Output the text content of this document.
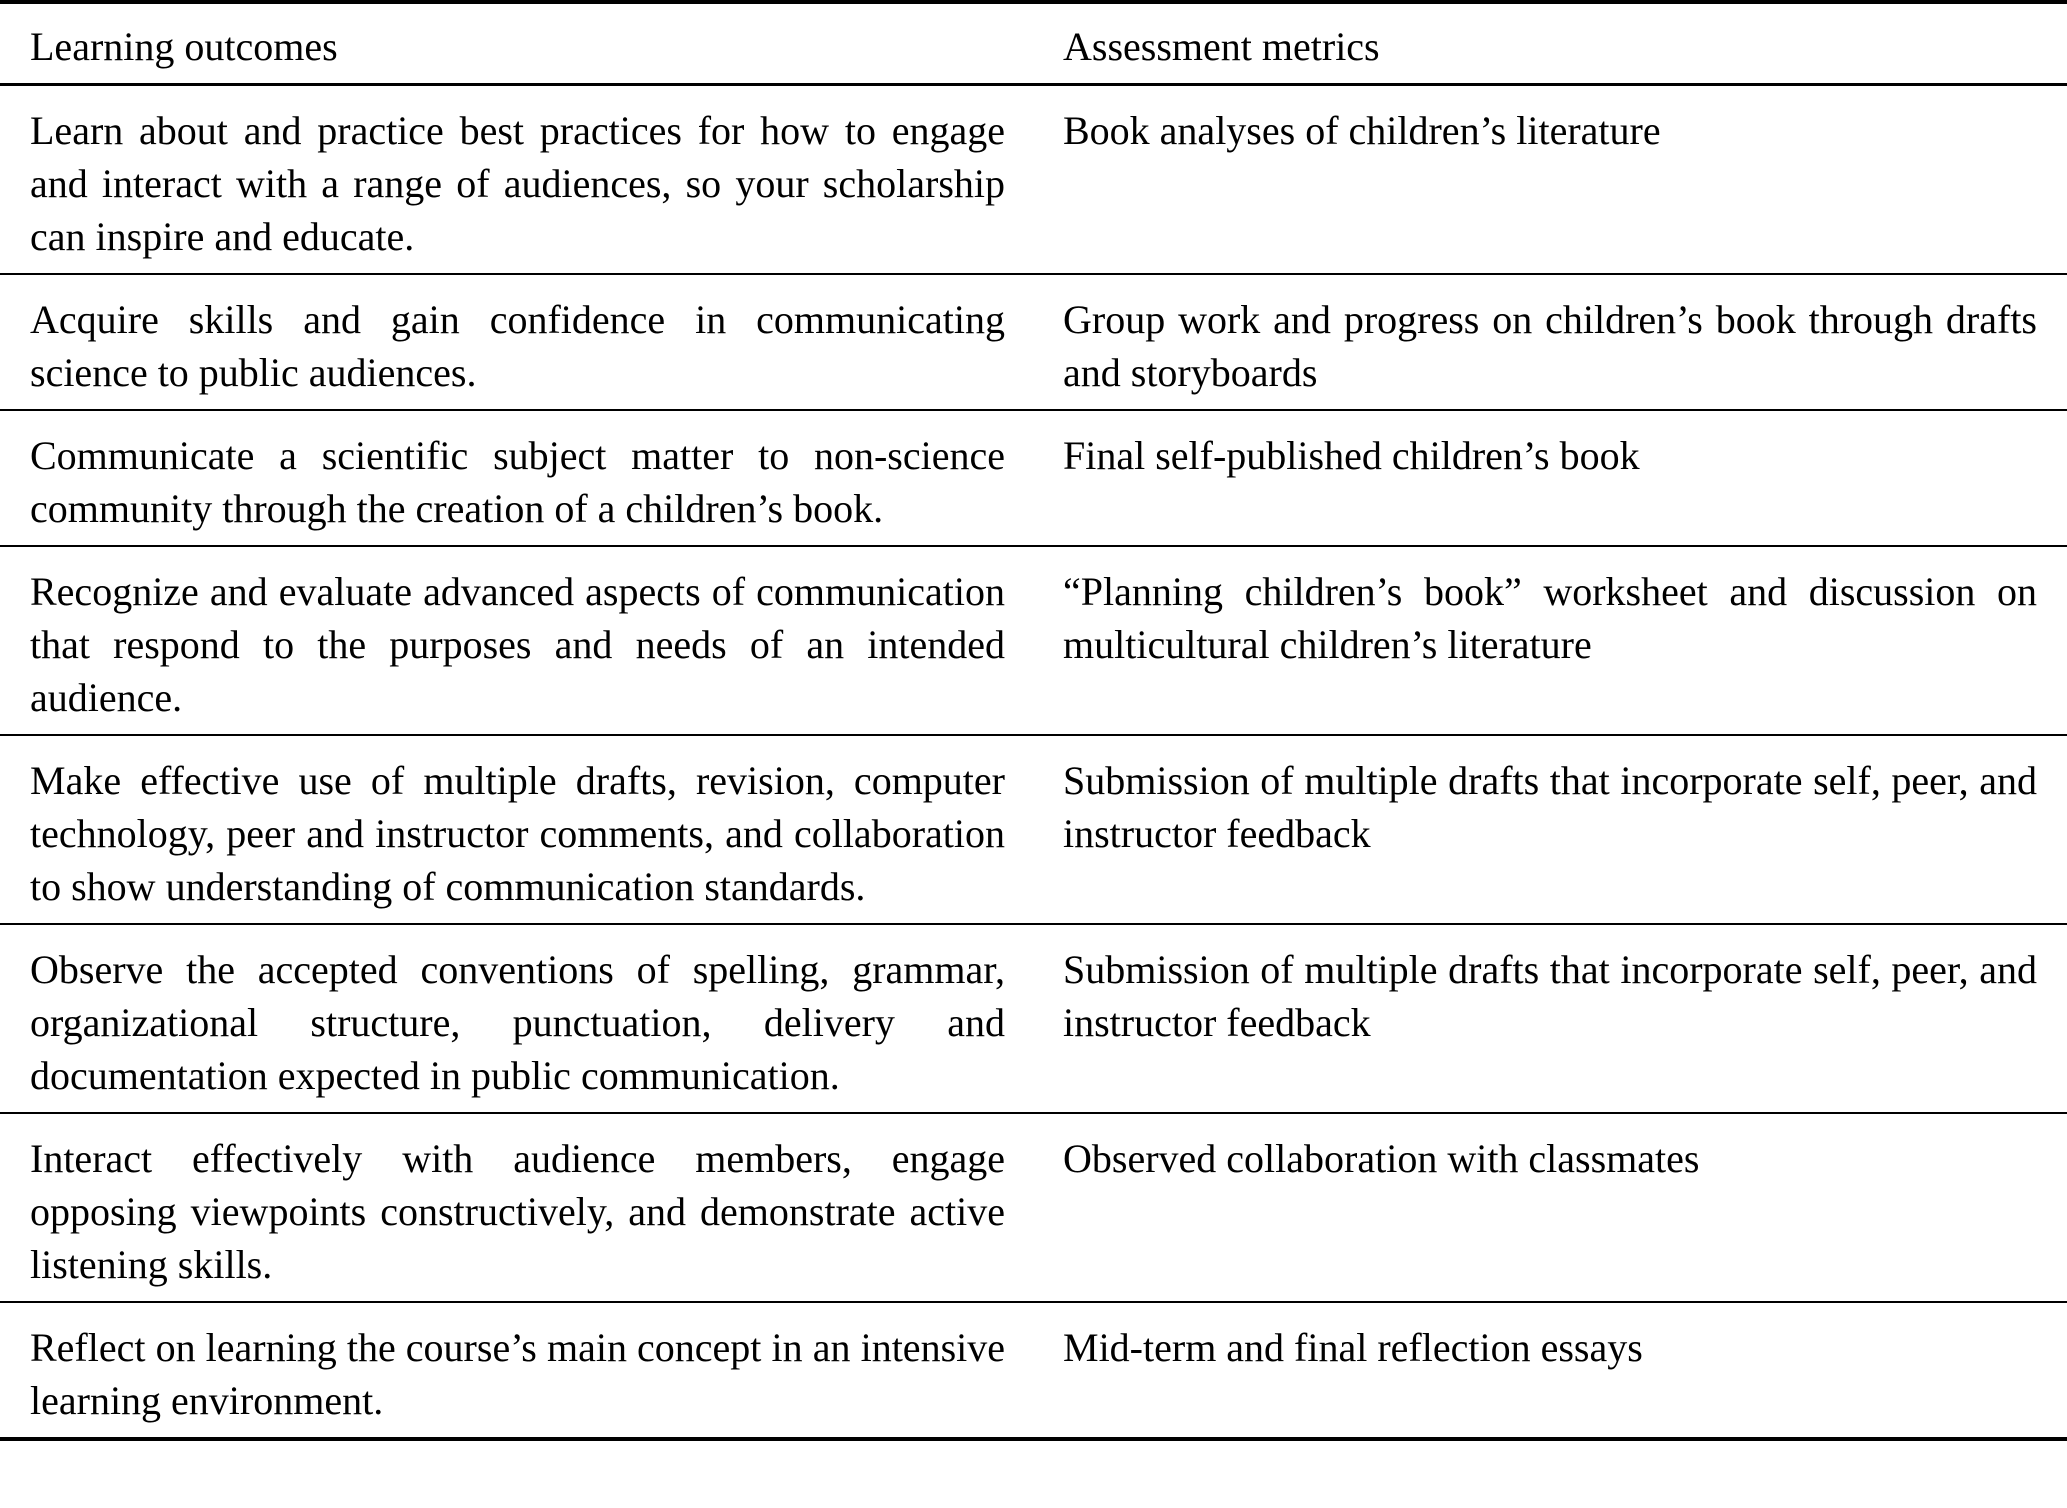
Learning outcomes	Assessment metrics
Learn about and practice best practices for how to engage and interact with a range of audiences, so your scholarship can inspire and educate.	Book analyses of children’s literature
Acquire skills and gain confidence in communicating science to public audiences.	Group work and progress on children’s book through drafts and storyboards
Communicate a scientific subject matter to non-science community through the creation of a children’s book.	Final self-published children’s book
Recognize and evaluate advanced aspects of communication that respond to the purposes and needs of an intended audience.	“Planning children’s book” worksheet and discussion on multicultural children’s literature
Make effective use of multiple drafts, revision, computer technology, peer and instructor comments, and collaboration to show understanding of communication standards.	Submission of multiple drafts that incorporate self, peer, and instructor feedback
Observe the accepted conventions of spelling, grammar, organizational structure, punctuation, delivery and documentation expected in public communication.	Submission of multiple drafts that incorporate self, peer, and instructor feedback
Interact effectively with audience members, engage opposing viewpoints constructively, and demonstrate active listening skills.	Observed collaboration with classmates
Reflect on learning the course’s main concept in an intensive learning environment.	Mid-term and final reflection essays
